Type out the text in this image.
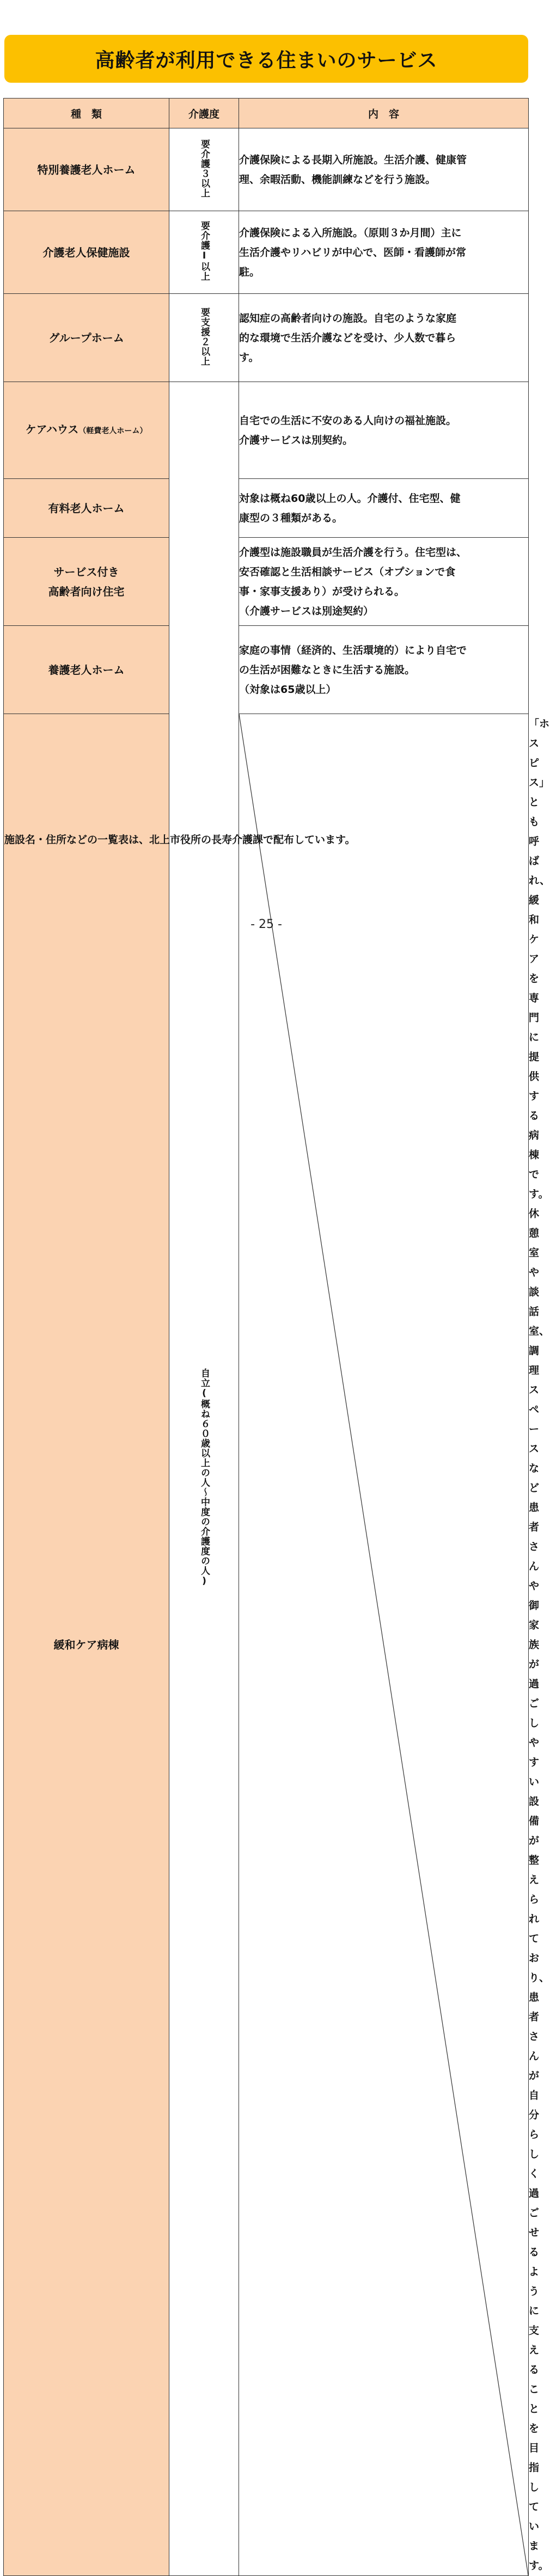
高齢者が利用できる住まいのサービス
種　類	介護度	内　容	
特別養護老人ホーム	要介護３以上	介護保険による長期入所施設。生活介護、健康管
理、余暇活動、機能訓練などを行う施設。	

介護老人保健施設	要介護Ⅰ以上	介護保険による入所施設。（原則３か月間）主に
生活介護やリハビリが中心で、医師・看護師が常
駐。	

グループホーム	要支援２以上	認知症の高齢者向けの施設。自宅のような家庭
的な環境で生活介護などを受け、少人数で暮ら
す。	

ケアハウス（軽費老人ホーム）	自立(概ね６０歳以上の人〜中度の介護度の人)	自宅での生活に不安のある人向けの福祉施設。
介護サービスは別契約。	

有料老人ホーム		対象は概ね60歳以上の人。介護付、住宅型、健
康型の３種類がある。	

サービス付き
高齢者向け住宅		介護型は施設職員が生活介護を行う。住宅型は、
安否確認と生活相談サービス（オプションで食
事・家事支援あり）が受けられる。
（介護サービスは別途契約）	

養護老人ホーム		家庭の事情（経済的、生活環境的）により自宅で
の生活が困難なときに生活する施設。
（対象は65歳以上）	

緩和ケア病棟			「ホスピス」とも呼ばれ、緩和ケアを専門に提供
する病棟です。休憩室や談話室、調理スペースな
ど患者さんや御家族が過ごしやすい設備が整え
られており、患者さんが自分らしく過ごせるよ
うに支えることを目指しています。
施設名・住所などの一覧表は、北上市役所の長寿介護課で配布しています。
- 25 -
